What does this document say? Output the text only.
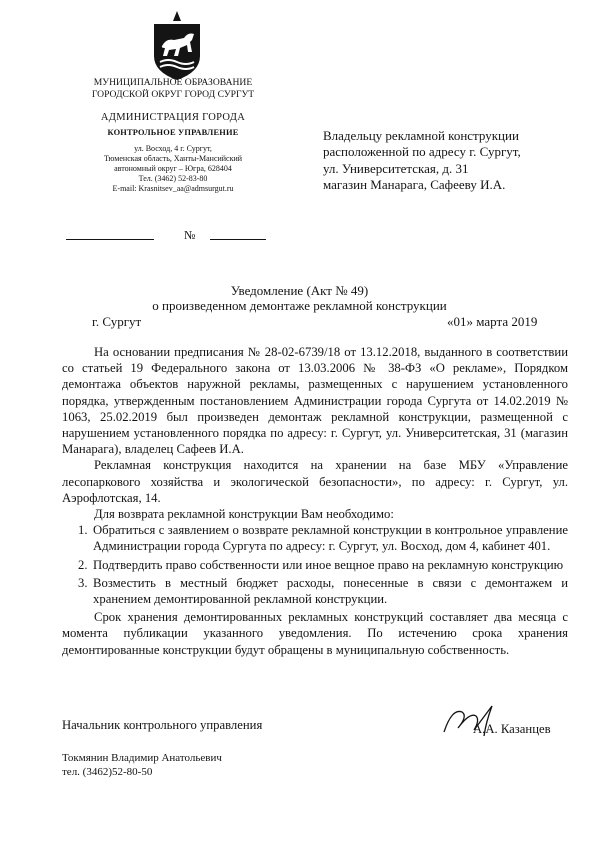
МУНИЦИПАЛЬНОЕ ОБРАЗОВАНИЕ
ГОРОДСКОЙ ОКРУГ ГОРОД СУРГУТ
АДМИНИСТРАЦИЯ ГОРОДА
КОНТРОЛЬНОЕ УПРАВЛЕНИЕ
ул. Восход, 4 г. Сургут,
Тюменская область, Ханты-Мансийский
автономный округ – Югра, 628404
Тел. (3462) 52-83-80
E-mail: Krasnitsev_aa@admsurgut.ru
№
Владельцу рекламной конструкции
расположенной по адресу г. Сургут,
ул. Университетская, д. 31
магазин Манарага, Сафееву И.А.
Уведомление (Акт № 49)
о произведенном демонтаже рекламной конструкции
г. Сургут	«01» марта 2019

На основании предписания № 28-02-6739/18 от 13.12.2018, выданного в соответствии со статьей 19 Федерального закона от 13.03.2006 № 38-ФЗ «О рекламе», Порядком демонтажа объектов наружной рекламы, размещенных с нарушением установленного порядка, утвержденным постановлением Администрации города Сургута от 14.02.2019 № 1063, 25.02.2019 был произведен демонтаж рекламной конструкции, размещенной с нарушением установленного порядка по адресу: г. Сургут, ул. Университетская, 31 (магазин Манарага), владелец Сафеев И.А.

Рекламная конструкция находится на хранении на базе МБУ «Управление лесопаркового хозяйства и экологической безопасности», по адресу: г. Сургут, ул. Аэрофлотская, 14.

Для возврата рекламной конструкции Вам необходимо:

1. Обратиться с заявлением о возврате рекламной конструкции в контрольное управление Администрации города Сургута по адресу: г. Сургут, ул. Восход, дом 4, кабинет 401.
2. Подтвердить право собственности или иное вещное право на рекламную конструкцию
3. Возместить в местный бюджет расходы, понесенные в связи с демонтажем и хранением демонтированной рекламной конструкции.

Срок хранения демонтированных рекламных конструкций составляет два месяца с момента публикации указанного уведомления. По истечению срока хранения демонтированные конструкции будут обращены в муниципальную собственность.

Начальник контрольного управления	А.А. Казанцев
Токмянин Владимир Анатольевич
тел. (3462)52-80-50
